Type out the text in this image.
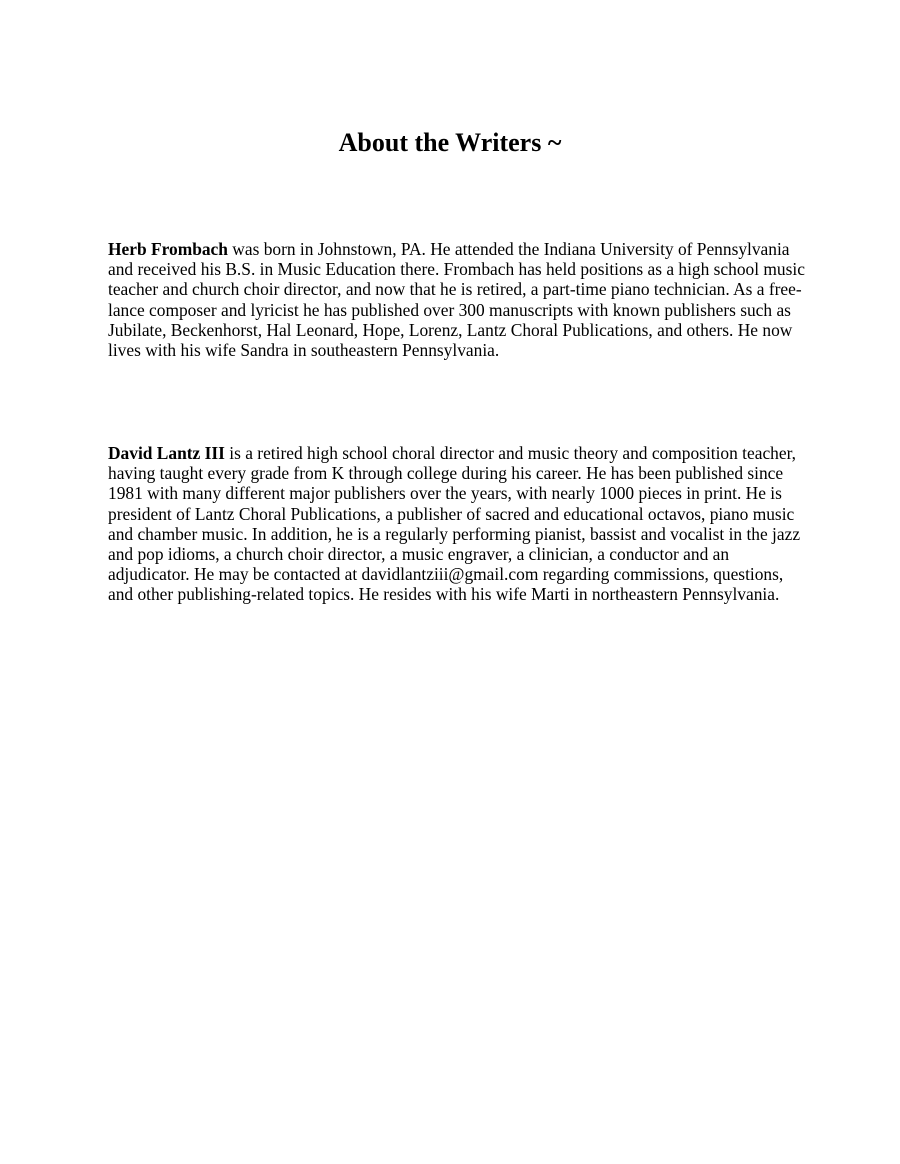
About the Writers ~

Herb Frombach was born in Johnstown, PA. He attended the Indiana University of Pennsylvania and received his B.S. in Music Education there. Frombach has held positions as a high school music teacher and church choir director, and now that he is retired, a part-time piano technician. As a free-lance composer and lyricist he has published over 300 manuscripts with known publishers such as Jubilate, Beckenhorst, Hal Leonard, Hope, Lorenz, Lantz Choral Publications, and others. He now lives with his wife Sandra in southeastern Pennsylvania.

David Lantz III is a retired high school choral director and music theory and composition teacher, having taught every grade from K through college during his career. He has been published since 1981 with many different major publishers over the years, with nearly 1000 pieces in print. He is president of Lantz Choral Publications, a publisher of sacred and educational octavos, piano music and chamber music. In addition, he is a regularly performing pianist, bassist and vocalist in the jazz and pop idioms, a church choir director, a music engraver, a clinician, a conductor and an adjudicator. He may be contacted at davidlantziii@gmail.com regarding commissions, questions, and other publishing-related topics. He resides with his wife Marti in northeastern Pennsylvania.
